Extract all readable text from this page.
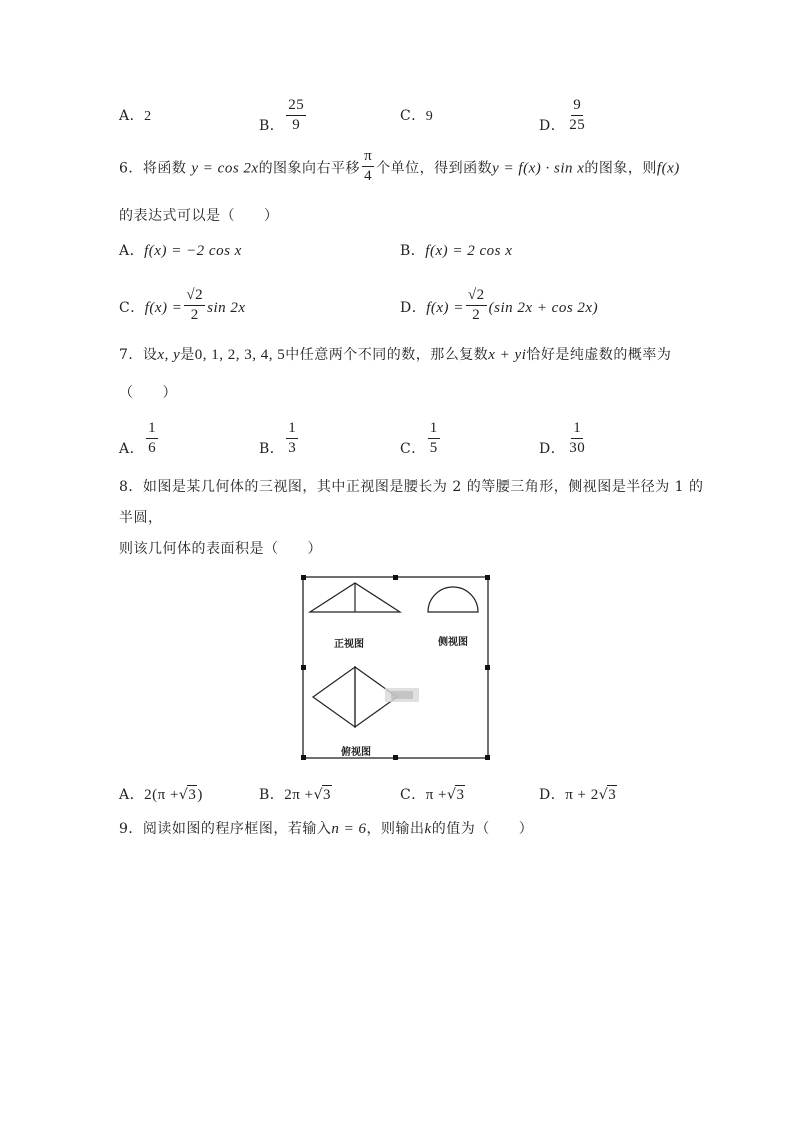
A．2
B． $\frac{25}{9}$	C．9
D． $\frac{9}{25}$
6．将函数 y = cos 2x的图象向右平移 $\frac{\pi}{4}$ 个单位，得到函数y = f(x) · sin x的图象，则f(x)
的表达式可以是（　　）
A．f(x) = −2 cos x	B．f(x) = 2 cos x
C．$f(x) = \frac{√2}{2}$ sin 2x	D．$f(x) = \frac{√2}{2} (\sin$ 2x + cos 2x)
7．设x, y是0, 1, 2, 3, 4, 5中任意两个不同的数，那么复数x + yi恰好是纯虚数的概率为
（　　）
A． $\frac{1}{6}$	B． $\frac{1}{3}$	C． $\frac{1}{5}$	D． $\frac{1}{30}$
8．如图是某几何体的三视图，其中正视图是腰长为 2 的等腰三角形，侧视图是半径为 1 的
半圆，
则该几何体的表面积是（　　）
正视图	侧视图
俯视图
A．2(π +√3)	B．2π +√3	C．π +√3	D．π + 2√3
9．阅读如图的程序框图，若输入n = 6，则输出k的值为（　　）
